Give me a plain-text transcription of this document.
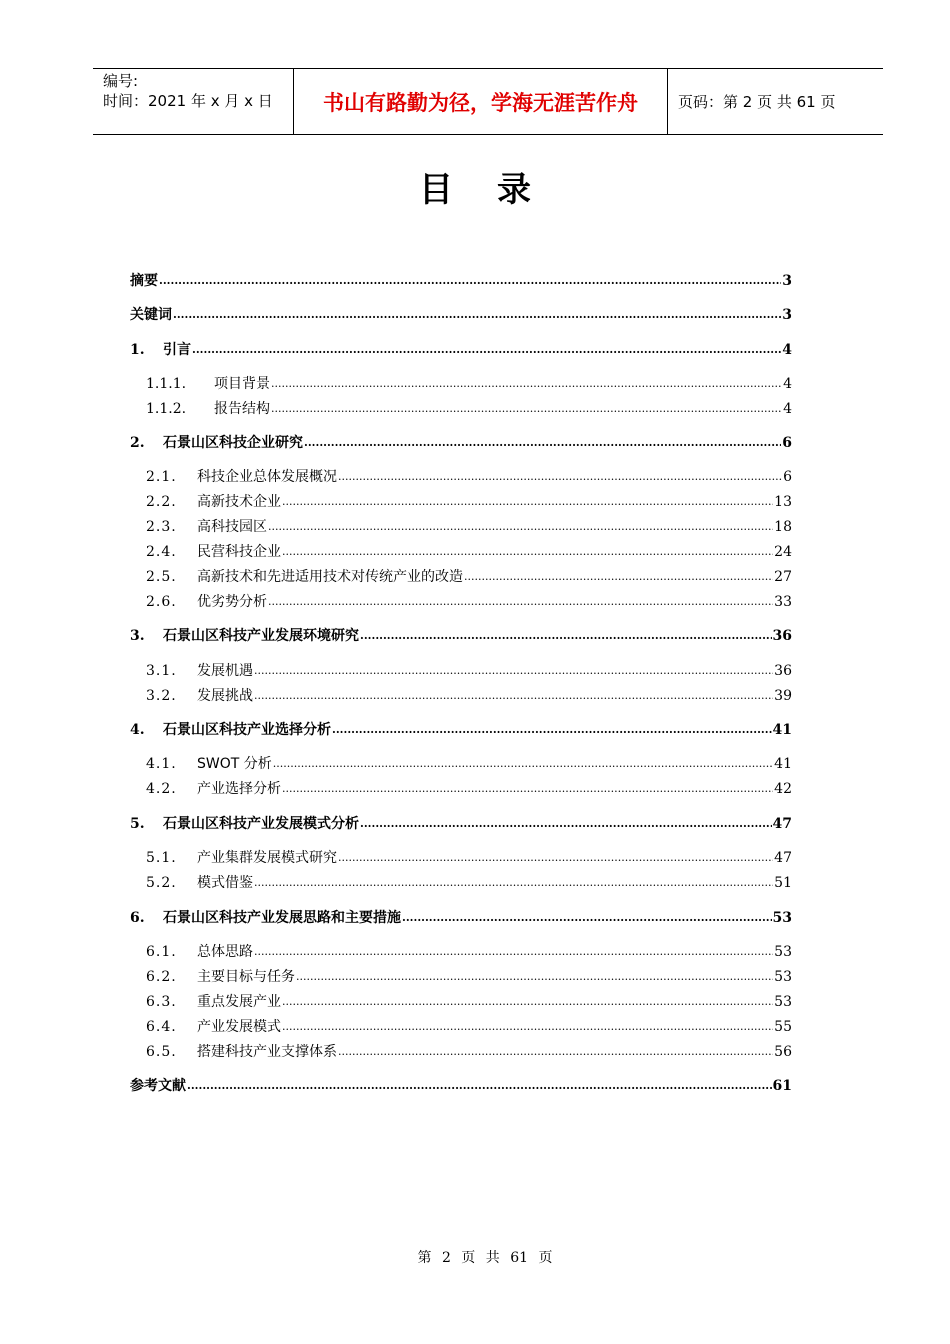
编号:
时间：2021 年 x 月 x 日	书山有路勤为径，学海无涯苦作舟	页码：第 2 页 共 61 页
目录
摘要 .....	3
关键词 .....	3
1.	引言 .....	4
1.1.1.	项目背景 .....	4
1.1.2.	报告结构 .....	4
2.	石景山区科技企业研究 .....	6
2.1.	科技企业总体发展概况 .....	6
2.2.	高新技术企业 .....	13
2.3.	高科技园区 .....	18
2.4.	民营科技企业 .....	24
2.5.	高新技术和先进适用技术对传统产业的改造 .....	27
2.6.	优劣势分析 .....	33
3.	石景山区科技产业发展环境研究 .....	36
3.1.	发展机遇 .....	36
3.2.	发展挑战 .....	39
4.	石景山区科技产业选择分析 .....	41
4.1.	SWOT 分析 .....	41
4.2.	产业选择分析 .....	42
5.	石景山区科技产业发展模式分析 .....	47
5.1.	产业集群发展模式研究 .....	47
5.2.	模式借鉴 .....	51
6.	石景山区科技产业发展思路和主要措施 .....	53
6.1.	总体思路 .....	53
6.2.	主要目标与任务 .....	53
6.3.	重点发展产业 .....	53
6.4.	产业发展模式 .....	55
6.5.	搭建科技产业支撑体系 .....	56
参考文献 .....	61
第 2 页 共 61 页
